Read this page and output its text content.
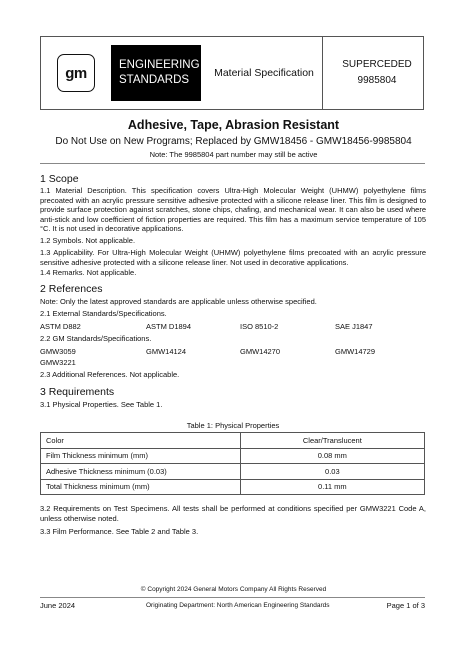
gm	ENGINEERING
STANDARDS
Material Specification
SUPERCEDED
9985804
Adhesive, Tape, Abrasion Resistant
Do Not Use on New Programs; Replaced by GMW18456 - GMW18456-9985804
Note: The 9985804 part number may still be active
1 Scope
1.1 Material Description. This specification covers Ultra-High Molecular Weight (UHMW) polyethylene films precoated with an acrylic pressure sensitive adhesive protected with a silicone release liner. This film is designed to provide surface protection against scratches, stone chips, chafing, and mechanical wear. It can also be used where anti-stick and low coefficient of fiction properties are required. This film has a maximum service temperature of 105 °C. It is not used in decorative applications.
1.2 Symbols. Not applicable.
1.3 Applicability. For Ultra-High Molecular Weight (UHMW) polyethylene films precoated with an acrylic pressure sensitive adhesive protected with a silicone release liner. Not used in decorative applications.
1.4 Remarks. Not applicable.
2 References
Note: Only the latest approved standards are applicable unless otherwise specified.
2.1 External Standards/Specifications.
ASTM D882	ASTM D1894	ISO 8510-2	SAE J1847
2.2 GM Standards/Specifications.
GMW3059	GMW14124	GMW14270	GMW14729
GMW3221
2.3 Additional References. Not applicable.
3 Requirements
3.1 Physical Properties. See Table 1.
Table 1: Physical Properties
Color	Clear/Translucent
Film Thickness minimum (mm)	0.08 mm
Adhesive Thickness minimum (0.03)	0.03
Total Thickness minimum (mm)	0.11 mm
3.2 Requirements on Test Specimens. All tests shall be performed at conditions specified per GMW3221 Code A, unless otherwise noted.
3.3 Film Performance. See Table 2 and Table 3.
© Copyright 2024 General Motors Company All Rights Reserved
June 2024	Originating Department: North American Engineering Standards	Page 1 of 3
